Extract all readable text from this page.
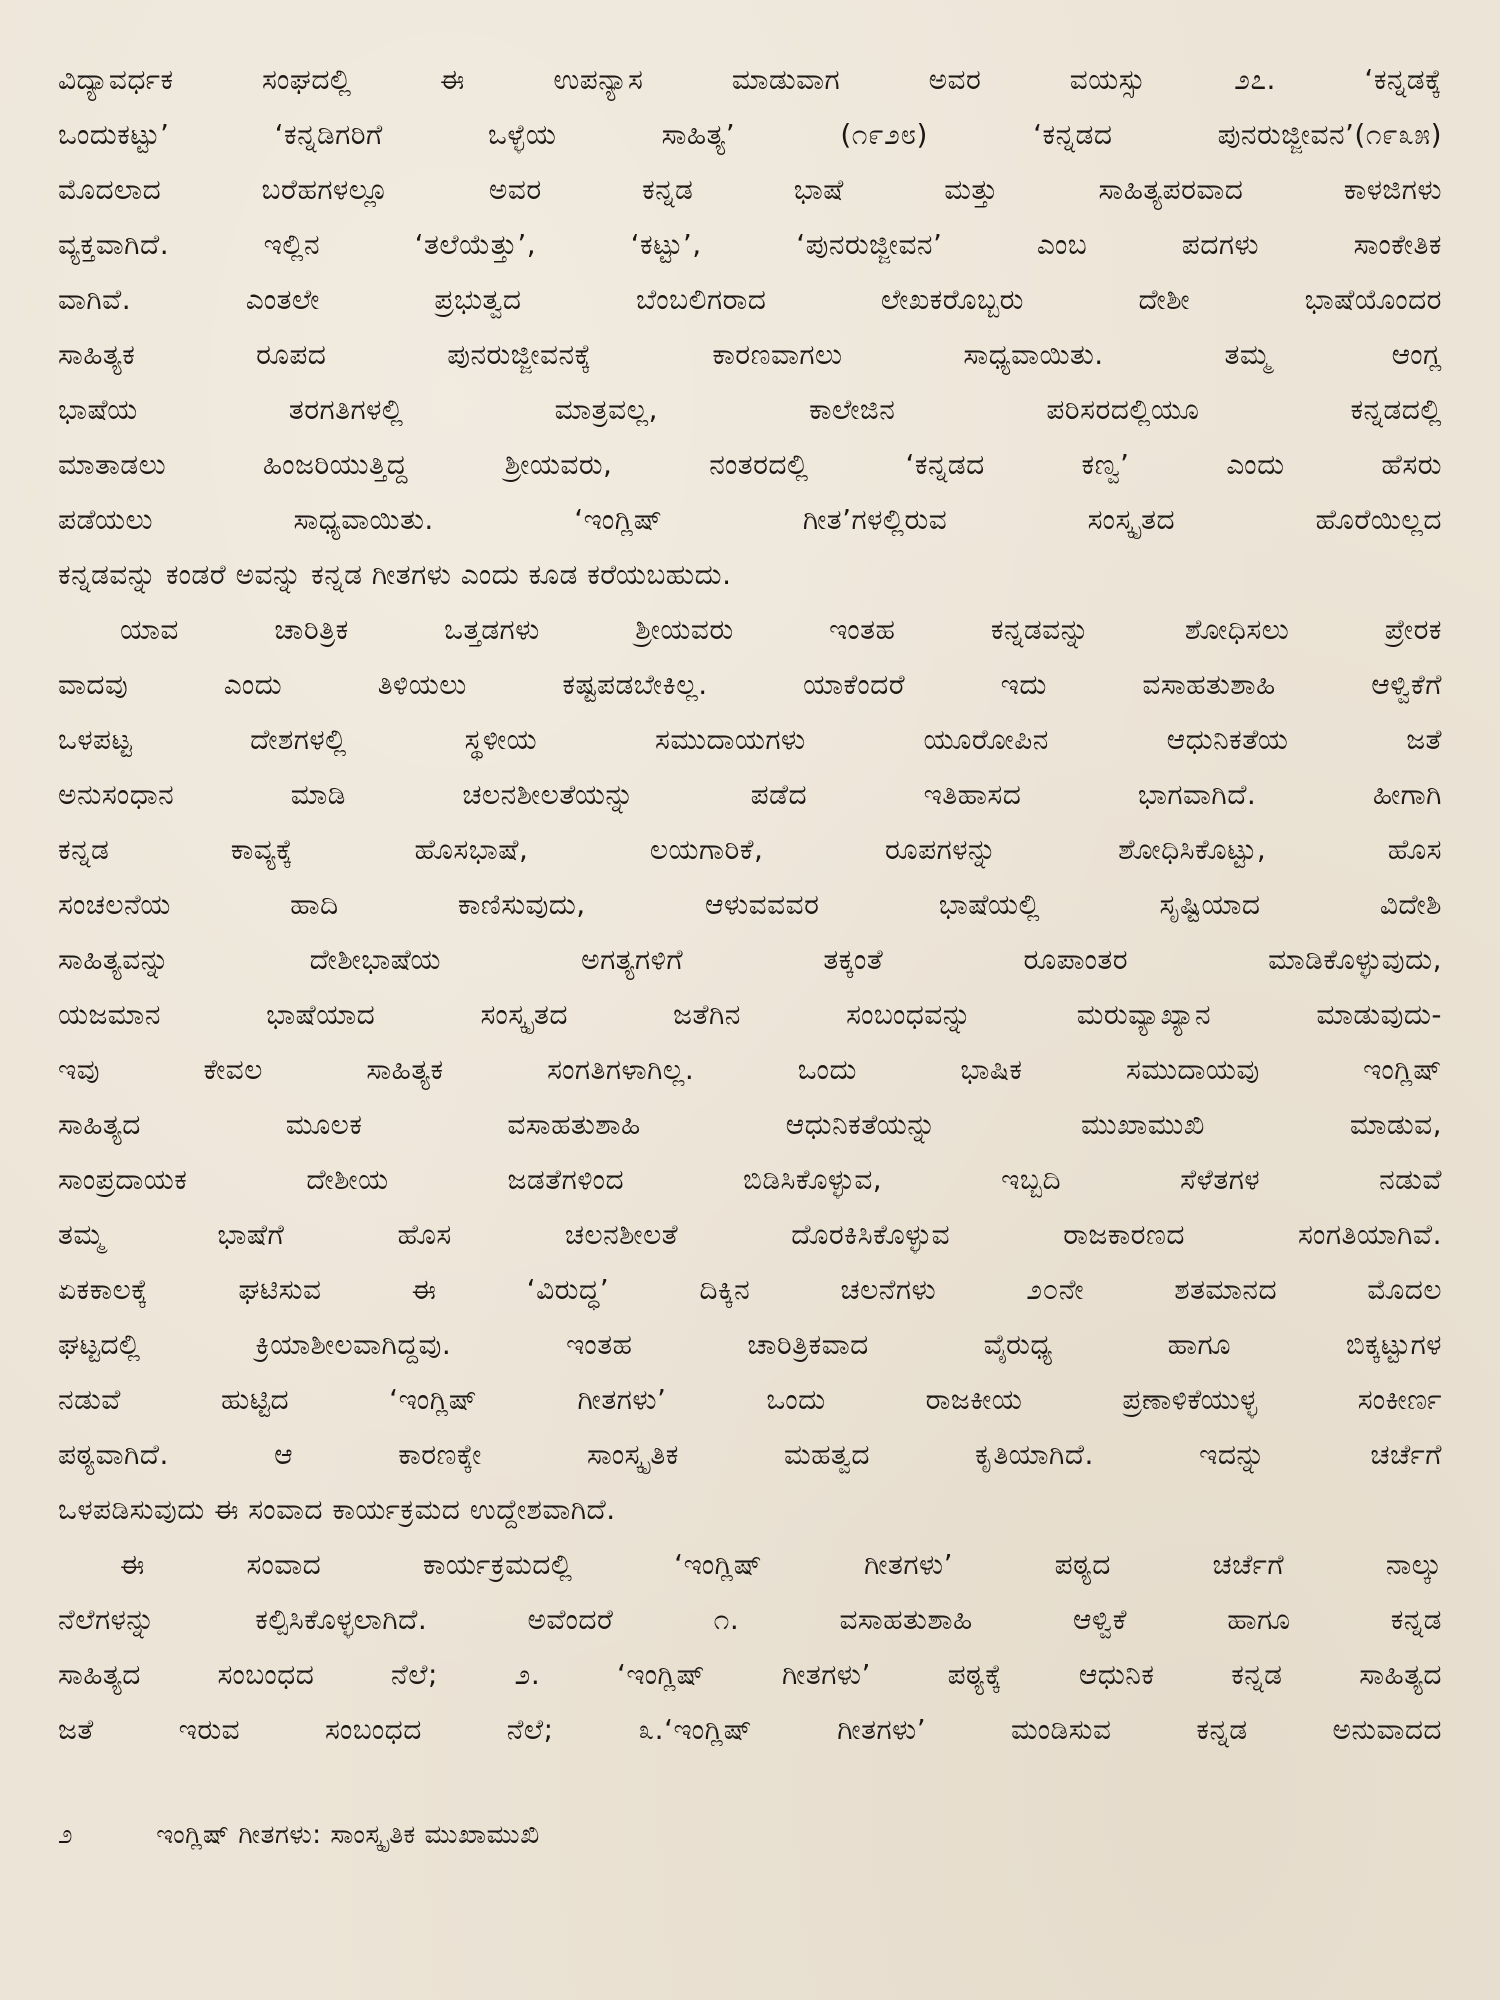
ವಿದ್ಯಾವರ್ಧಕ ಸಂಘದಲ್ಲಿ ಈ ಉಪನ್ಯಾಸ ಮಾಡುವಾಗ ಅವರ ವಯಸ್ಸು ೨೭. ‘ಕನ್ನಡಕ್ಕೆ
ಒಂದುಕಟ್ಟು’ ‘ಕನ್ನಡಿಗರಿಗೆ ಒಳ್ಳೆಯ ಸಾಹಿತ್ಯ’ (೧೯೨೮) ‘ಕನ್ನಡದ ಪುನರುಜ್ಜೀವನ’(೧೯೩೫)
ಮೊದಲಾದ ಬರೆಹಗಳಲ್ಲೂ ಅವರ ಕನ್ನಡ ಭಾಷೆ ಮತ್ತು ಸಾಹಿತ್ಯಪರವಾದ ಕಾಳಜಿಗಳು
ವ್ಯಕ್ತವಾಗಿದೆ. ಇಲ್ಲಿನ ‘ತಲೆಯೆತ್ತು’, ‘ಕಟ್ಟು’, ‘ಪುನರುಜ್ಜೀವನ’ ಎಂಬ ಪದಗಳು ಸಾಂಕೇತಿಕ
ವಾಗಿವೆ. ಎಂತಲೇ ಪ್ರಭುತ್ವದ ಬೆಂಬಲಿಗರಾದ ಲೇಖಕರೊಬ್ಬರು ದೇಶೀ ಭಾಷೆಯೊಂದರ
ಸಾಹಿತ್ಯಕ ರೂಪದ ಪುನರುಜ್ಜೀವನಕ್ಕೆ ಕಾರಣವಾಗಲು ಸಾಧ್ಯವಾಯಿತು. ತಮ್ಮ ಆಂಗ್ಲ
ಭಾಷೆಯ ತರಗತಿಗಳಲ್ಲಿ ಮಾತ್ರವಲ್ಲ, ಕಾಲೇಜಿನ ಪರಿಸರದಲ್ಲಿಯೂ ಕನ್ನಡದಲ್ಲಿ
ಮಾತಾಡಲು ಹಿಂಜರಿಯುತ್ತಿದ್ದ ಶ್ರೀಯವರು, ನಂತರದಲ್ಲಿ ‘ಕನ್ನಡದ ಕಣ್ವ’ ಎಂದು ಹೆಸರು
ಪಡೆಯಲು ಸಾಧ್ಯವಾಯಿತು. ‘ಇಂಗ್ಲಿಷ್ ಗೀತ’ಗಳಲ್ಲಿರುವ ಸಂಸ್ಕೃತದ ಹೊರೆಯಿಲ್ಲದ
ಕನ್ನಡವನ್ನು ಕಂಡರೆ ಅವನ್ನು ಕನ್ನಡ ಗೀತಗಳು ಎಂದು ಕೂಡ ಕರೆಯಬಹುದು.
ಯಾವ ಚಾರಿತ್ರಿಕ ಒತ್ತಡಗಳು ಶ್ರೀಯವರು ಇಂತಹ ಕನ್ನಡವನ್ನು ಶೋಧಿಸಲು ಪ್ರೇರಕ
ವಾದವು ಎಂದು ತಿಳಿಯಲು ಕಷ್ಟಪಡಬೇಕಿಲ್ಲ. ಯಾಕೆಂದರೆ ಇದು ವಸಾಹತುಶಾಹಿ ಆಳ್ವಿಕೆಗೆ
ಒಳಪಟ್ಟ ದೇಶಗಳಲ್ಲಿ ಸ್ಥಳೀಯ ಸಮುದಾಯಗಳು ಯೂರೋಪಿನ ಆಧುನಿಕತೆಯ ಜತೆ
ಅನುಸಂಧಾನ ಮಾಡಿ ಚಲನಶೀಲತೆಯನ್ನು ಪಡೆದ ಇತಿಹಾಸದ ಭಾಗವಾಗಿದೆ. ಹೀಗಾಗಿ
ಕನ್ನಡ ಕಾವ್ಯಕ್ಕೆ ಹೊಸಭಾಷೆ, ಲಯಗಾರಿಕೆ, ರೂಪಗಳನ್ನು ಶೋಧಿಸಿಕೊಟ್ಟು, ಹೊಸ
ಸಂಚಲನೆಯ ಹಾದಿ ಕಾಣಿಸುವುದು, ಆಳುವವವರ ಭಾಷೆಯಲ್ಲಿ ಸೃಷ್ಟಿಯಾದ ವಿದೇಶಿ
ಸಾಹಿತ್ಯವನ್ನು ದೇಶೀಭಾಷೆಯ ಅಗತ್ಯಗಳಿಗೆ ತಕ್ಕಂತೆ ರೂಪಾಂತರ ಮಾಡಿಕೊಳ್ಳುವುದು,
ಯಜಮಾನ ಭಾಷೆಯಾದ ಸಂಸ್ಕೃತದ ಜತೆಗಿನ ಸಂಬಂಧವನ್ನು ಮರುವ್ಯಾಖ್ಯಾನ ಮಾಡುವುದು-
ಇವು ಕೇವಲ ಸಾಹಿತ್ಯಕ ಸಂಗತಿಗಳಾಗಿಲ್ಲ. ಒಂದು ಭಾಷಿಕ ಸಮುದಾಯವು ಇಂಗ್ಲಿಷ್
ಸಾಹಿತ್ಯದ ಮೂಲಕ ವಸಾಹತುಶಾಹಿ ಆಧುನಿಕತೆಯನ್ನು ಮುಖಾಮುಖಿ ಮಾಡುವ,
ಸಾಂಪ್ರದಾಯಕ ದೇಶೀಯ ಜಡತೆಗಳಿಂದ ಬಿಡಿಸಿಕೊಳ್ಳುವ, ಇಬ್ಬದಿ ಸೆಳೆತಗಳ ನಡುವೆ
ತಮ್ಮ ಭಾಷೆಗೆ ಹೊಸ ಚಲನಶೀಲತೆ ದೊರಕಿಸಿಕೊಳ್ಳುವ ರಾಜಕಾರಣದ ಸಂಗತಿಯಾಗಿವೆ.
ಏಕಕಾಲಕ್ಕೆ ಘಟಿಸುವ ಈ ‘ವಿರುದ್ಧ’ ದಿಕ್ಕಿನ ಚಲನೆಗಳು ೨೦ನೇ ಶತಮಾನದ ಮೊದಲ
ಘಟ್ಟದಲ್ಲಿ ಕ್ರಿಯಾಶೀಲವಾಗಿದ್ದವು. ಇಂತಹ ಚಾರಿತ್ರಿಕವಾದ ವೈರುಧ್ಯ ಹಾಗೂ ಬಿಕ್ಕಟ್ಟುಗಳ
ನಡುವೆ ಹುಟ್ಟಿದ ‘ಇಂಗ್ಲಿಷ್ ಗೀತಗಳು’ ಒಂದು ರಾಜಕೀಯ ಪ್ರಣಾಳಿಕೆಯುಳ್ಳ ಸಂಕೀರ್ಣ
ಪಠ್ಯವಾಗಿದೆ. ಆ ಕಾರಣಕ್ಕೇ ಸಾಂಸ್ಕೃತಿಕ ಮಹತ್ವದ ಕೃತಿಯಾಗಿದೆ. ಇದನ್ನು ಚರ್ಚೆಗೆ
ಒಳಪಡಿಸುವುದು ಈ ಸಂವಾದ ಕಾರ್ಯಕ್ರಮದ ಉದ್ದೇಶವಾಗಿದೆ.
ಈ ಸಂವಾದ ಕಾರ್ಯಕ್ರಮದಲ್ಲಿ ‘ಇಂಗ್ಲಿಷ್ ಗೀತಗಳು’ ಪಠ್ಯದ ಚರ್ಚೆಗೆ ನಾಲ್ಕು
ನೆಲೆಗಳನ್ನು ಕಲ್ಪಿಸಿಕೊಳ್ಳಲಾಗಿದೆ. ಅವೆಂದರೆ ೧. ವಸಾಹತುಶಾಹಿ ಆಳ್ವಿಕೆ ಹಾಗೂ ಕನ್ನಡ
ಸಾಹಿತ್ಯದ ಸಂಬಂಧದ ನೆಲೆ; ೨. ‘ಇಂಗ್ಲಿಷ್ ಗೀತಗಳು’ ಪಠ್ಯಕ್ಕೆ ಆಧುನಿಕ ಕನ್ನಡ ಸಾಹಿತ್ಯದ
ಜತೆ ಇರುವ ಸಂಬಂಧದ ನೆಲೆ; ೩.‘ಇಂಗ್ಲಿಷ್ ಗೀತಗಳು’ ಮಂಡಿಸುವ ಕನ್ನಡ ಅನುವಾದದ
೨	ಇಂಗ್ಲಿಷ್ ಗೀತಗಳು: ಸಾಂಸ್ಕೃತಿಕ ಮುಖಾಮುಖಿ
